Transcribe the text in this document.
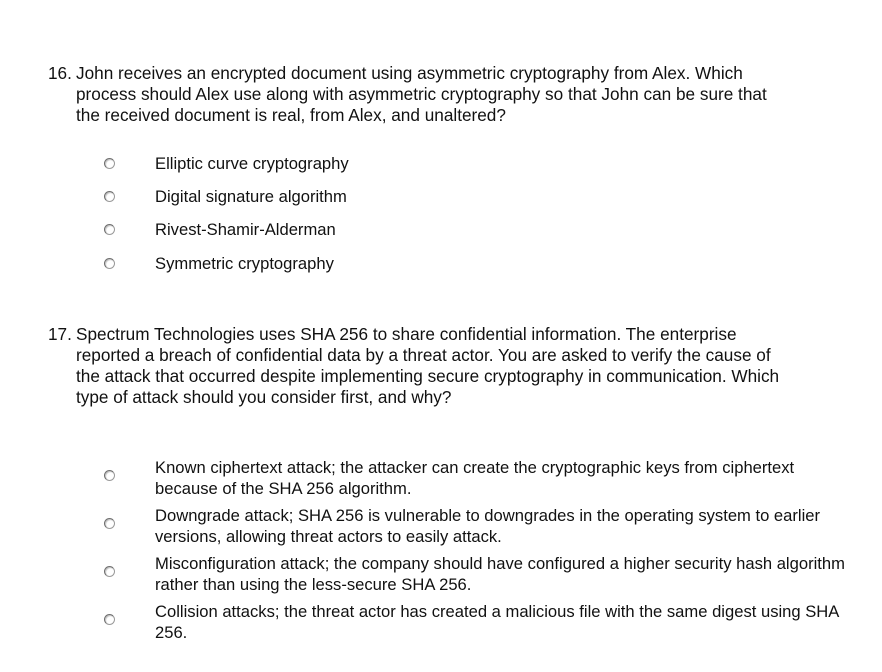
16. John receives an encrypted document using asymmetric cryptography from Alex. Which process should Alex use along with asymmetric cryptography so that John can be sure that the received document is real, from Alex, and unaltered?
Elliptic curve cryptography
Digital signature algorithm
Rivest-Shamir-Alderman
Symmetric cryptography
17. Spectrum Technologies uses SHA 256 to share confidential information. The enterprise reported a breach of confidential data by a threat actor. You are asked to verify the cause of the attack that occurred despite implementing secure cryptography in communication. Which type of attack should you consider first, and why?
Known ciphertext attack; the attacker can create the cryptographic keys from ciphertext because of the SHA 256 algorithm.
Downgrade attack; SHA 256 is vulnerable to downgrades in the operating system to earlier versions, allowing threat actors to easily attack.
Misconfiguration attack; the company should have configured a higher security hash algorithm rather than using the less-secure SHA 256.
Collision attacks; the threat actor has created a malicious file with the same digest using SHA 256.
